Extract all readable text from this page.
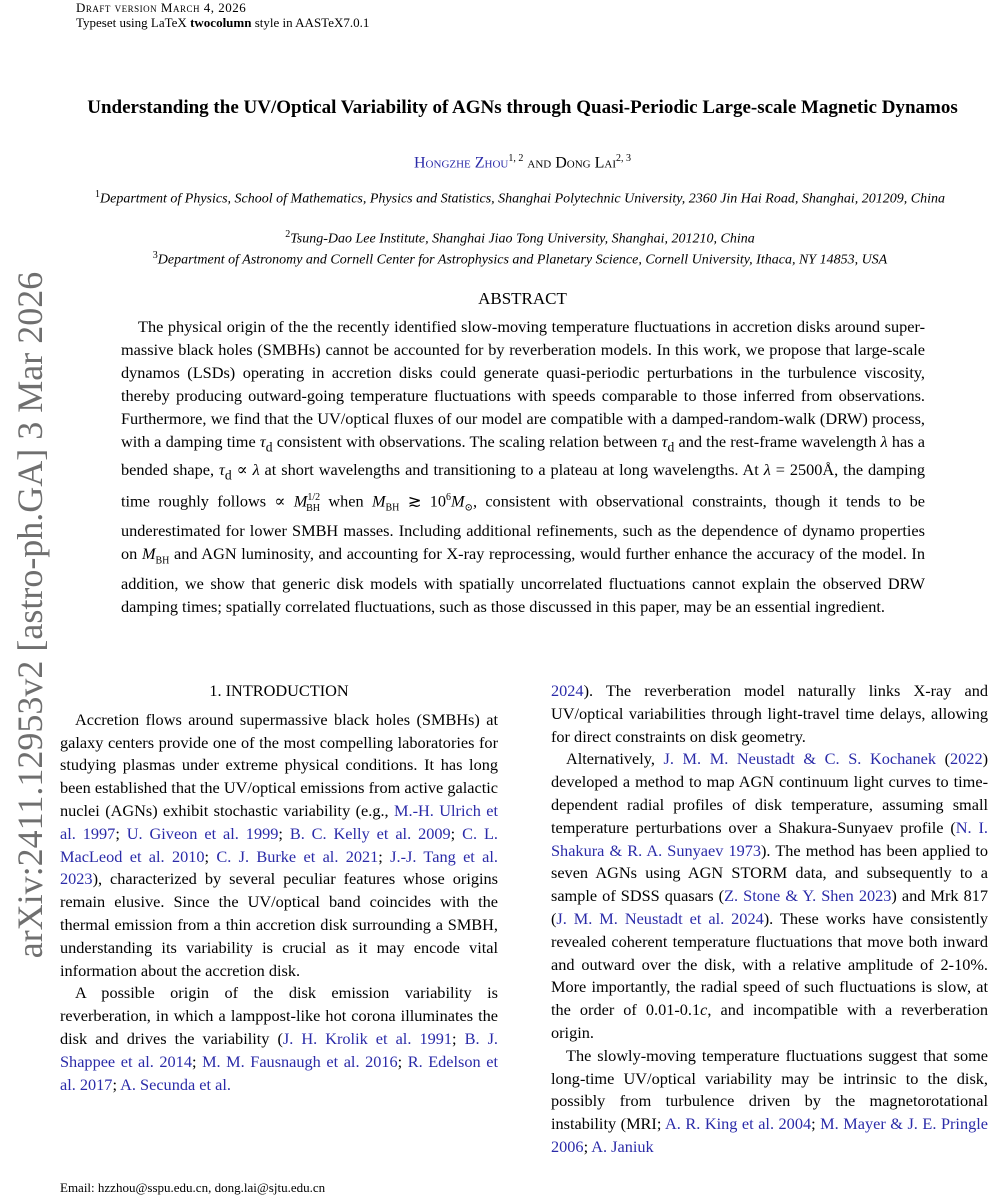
Draft version March 4, 2026
Typeset using LaTeX twocolumn style in AASTeX7.0.1
arXiv:2411.12953v2 [astro-ph.GA] 3 Mar 2026
Understanding the UV/Optical Variability of AGNs through Quasi-Periodic Large-scale Magnetic Dynamos
Hongzhe Zhou$^{1, 2}$ and Dong Lai$^{2, 3}$
$^1$Department of Physics, School of Mathematics, Physics and Statistics, Shanghai Polytechnic University, 2360 Jin Hai Road, Shanghai, 201209, China
$^2$Tsung-Dao Lee Institute, Shanghai Jiao Tong University, Shanghai, 201210, China
$^3$Department of Astronomy and Cornell Center for Astrophysics and Planetary Science, Cornell University, Ithaca, NY 14853, USA
ABSTRACT

The physical origin of the the recently identified slow-moving temperature fluctuations in accretion disks around super-massive black holes (SMBHs) cannot be accounted for by reverberation models. In this work, we propose that large-scale dynamos (LSDs) operating in accretion disks could generate quasi-periodic perturbations in the turbulence viscosity, thereby producing outward-going temperature fluctuations with speeds comparable to those inferred from observations. Furthermore, we find that the UV/optical fluxes of our model are compatible with a damped-random-walk (DRW) process, with a damping time $\tau_d$ consistent with observations. The scaling relation between $\tau_d$ and the rest-frame wavelength λ has a bended shape, $\tau_d \propto \lambda$ at short wavelengths and transitioning to a plateau at long wavelengths. At λ = 2500Å, the damping time roughly follows ∝ $M^{1/2}_{BH}$ when $M_{BH}$ ≳ $10^6M_⊙$, consistent with observational constraints, though it tends to be underestimated for lower SMBH masses. Including additional refinements, such as the dependence of dynamo properties on $M_{BH}$ and AGN luminosity, and accounting for X-ray reprocessing, would further enhance the accuracy of the model. In addition, we show that generic disk models with spatially uncorrelated fluctuations cannot explain the observed DRW damping times; spatially correlated fluctuations, such as those discussed in this paper, may be an essential ingredient.

1. INTRODUCTION

Accretion flows around supermassive black holes (SMBHs) at galaxy centers provide one of the most compelling laboratories for studying plasmas under extreme physical conditions. It has long been established that the UV/optical emissions from active galactic nuclei (AGNs) exhibit stochastic variability (e.g., M.-H. Ulrich et al. 1997; U. Giveon et al. 1999; B. C. Kelly et al. 2009; C. L. MacLeod et al. 2010; C. J. Burke et al. 2021; J.-J. Tang et al. 2023), characterized by several peculiar features whose origins remain elusive. Since the UV/optical band coincides with the thermal emission from a thin accretion disk surrounding a SMBH, understanding its variability is crucial as it may encode vital information about the accretion disk.

A possible origin of the disk emission variability is reverberation, in which a lamppost-like hot corona illuminates the disk and drives the variability (J. H. Krolik et al. 1991; B. J. Shappee et al. 2014; M. M. Fausnaugh et al. 2016; R. Edelson et al. 2017; A. Secunda et al.

2024). The reverberation model naturally links X-ray and UV/optical variabilities through light-travel time delays, allowing for direct constraints on disk geometry.

Alternatively, J. M. M. Neustadt & C. S. Kochanek (2022) developed a method to map AGN continuum light curves to time-dependent radial profiles of disk temperature, assuming small temperature perturbations over a Shakura-Sunyaev profile (N. I. Shakura & R. A. Sunyaev 1973). The method has been applied to seven AGNs using AGN STORM data, and subsequently to a sample of SDSS quasars (Z. Stone & Y. Shen 2023) and Mrk 817 (J. M. M. Neustadt et al. 2024). These works have consistently revealed coherent temperature fluctuations that move both inward and outward over the disk, with a relative amplitude of 2-10%. More importantly, the radial speed of such fluctuations is slow, at the order of 0.01-0.1c, and incompatible with a reverberation origin.

The slowly-moving temperature fluctuations suggest that some long-time UV/optical variability may be intrinsic to the disk, possibly from turbulence driven by the magnetorotational instability (MRI; A. R. King et al. 2004; M. Mayer & J. E. Pringle 2006; A. Janiuk

Email: hzzhou@sspu.edu.cn, dong.lai@sjtu.edu.cn
